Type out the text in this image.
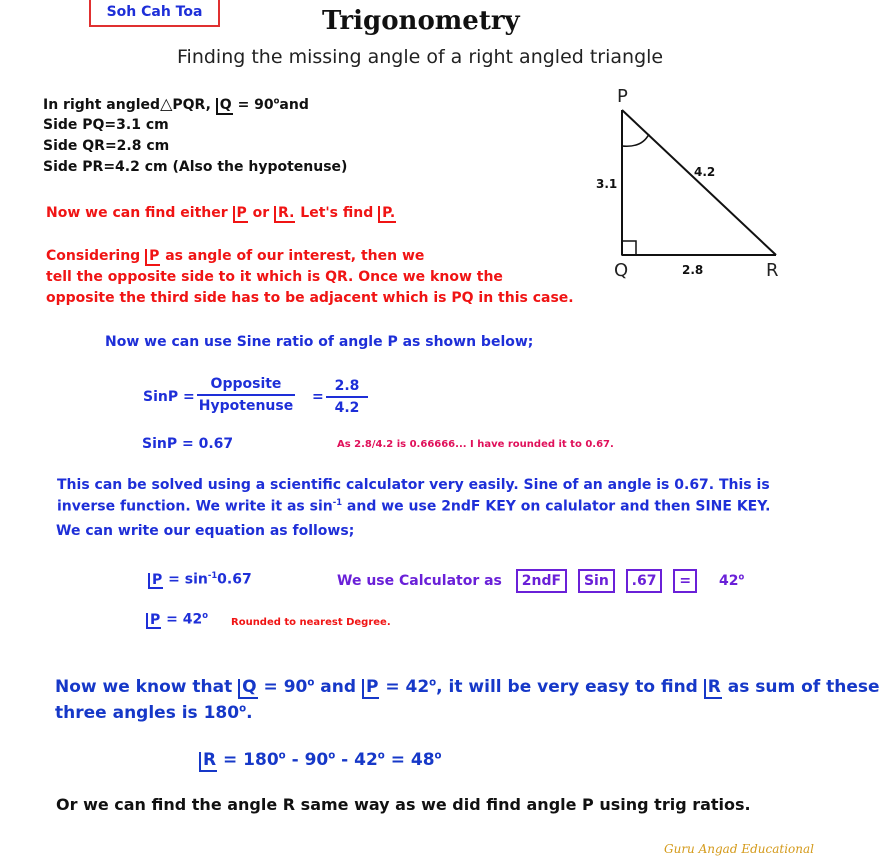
Soh Cah Toa	Trigonometry
Finding the missing angle of a right angled triangle
In right angled△PQR, $Q = 90^oand$
Side PQ=3.1 cm
Side QR=2.8 cm
Side PR=4.2 cm (Also the hypotenuse)
P
Q	R
3.1
2.8
4.2
Now we can find either P or R. Let's find P.
Considering P as angle of our interest, then we
tell the opposite side to it which is QR. Once we know the
opposite the third side has to be adjacent which is PQ in this case.
Now we can use Sine ratio of angle P as shown below;
SinP =
Opposite
Hypotenuse
= $\frac{2.8}{4.2}$
SinP = 0.67	As 2.8/4.2 is 0.66666... I have rounded it to 0.67.
This can be solved using a scientific calculator very easily. Sine of an angle is 0.67. This is
inverse function. We write it as $\sin^{-1}$ and we use 2ndF KEY on calulator and then SINE KEY.
We can write our equation as follows;
$P = \sin^{-1}0.67$	We use Calculator as 2ndF Sin $.67 = 42^o$
$P = 42^o$
Rounded to nearest Degree.
Now we know that $Q = 90^o$ and $P = 42^o$, it will be very easy to find R as sum of these
three angles is 180$^o$.
$R = 180^o - 90^o - 42^o = 48^o$
Or we can find the angle R same way as we did find angle P using trig ratios.
Guru Angad Educational
